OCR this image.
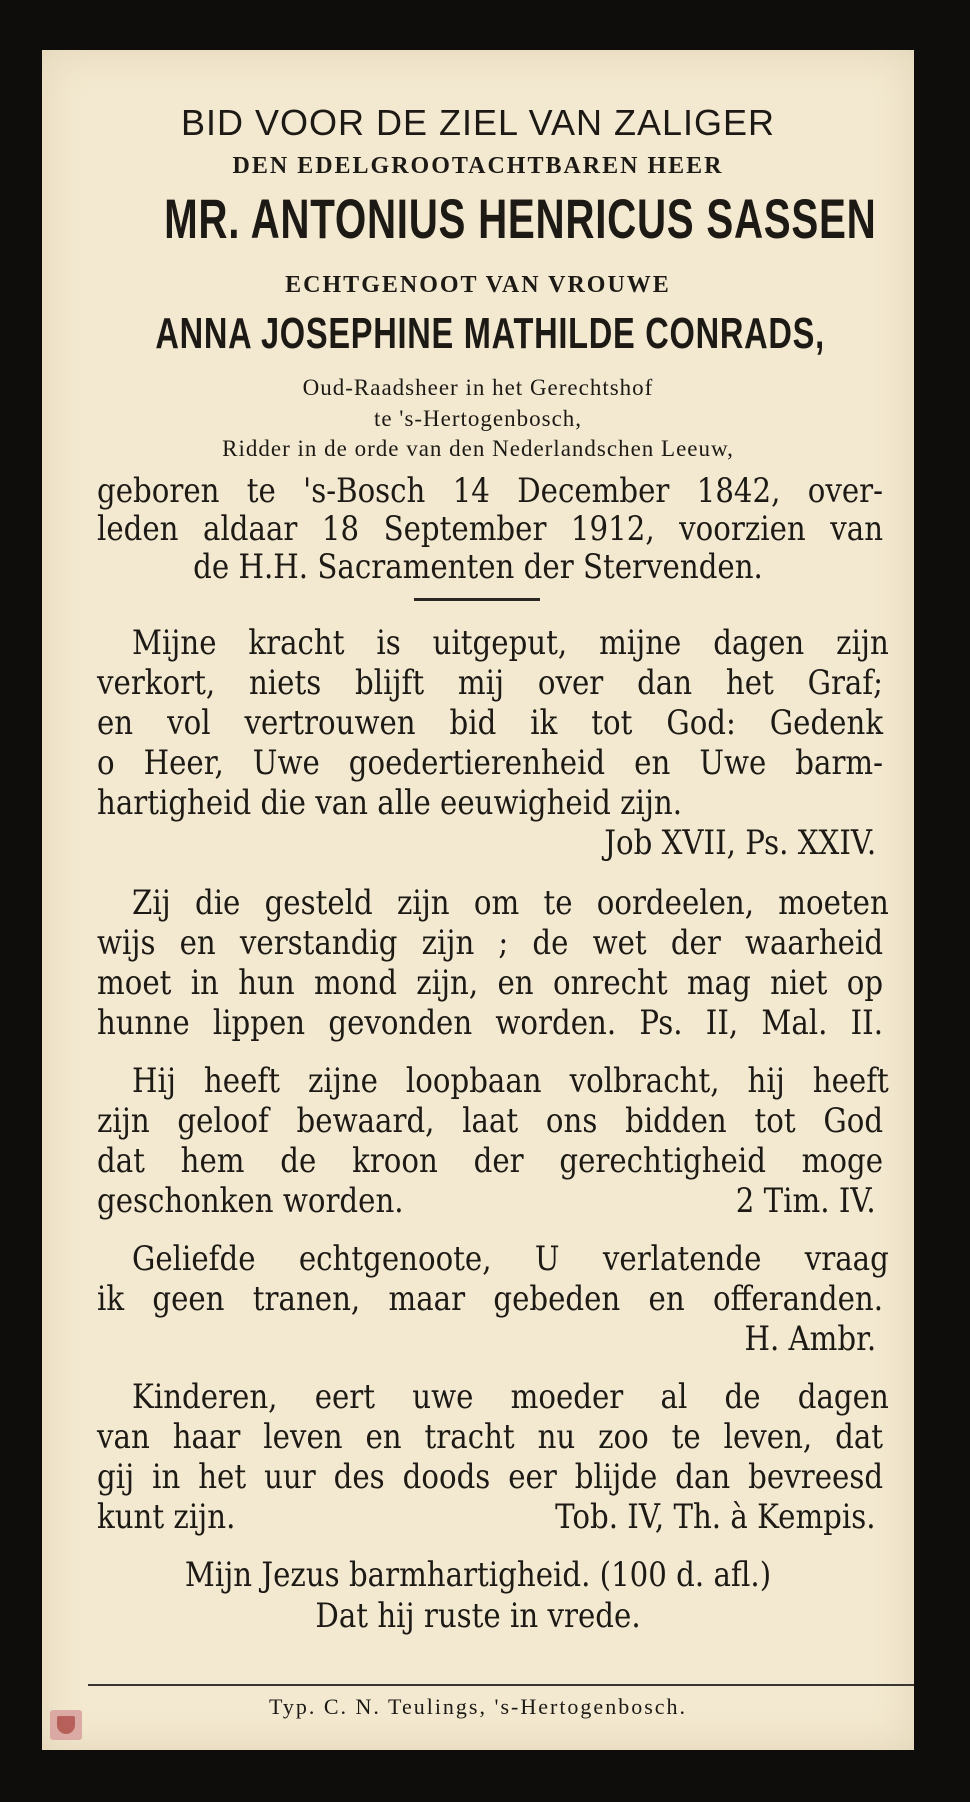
BID VOOR DE ZIEL VAN ZALIGER
DEN EDELGROOTACHTBAREN HEER
MR. ANTONIUS HENRICUS SASSEN
ECHTGENOOT VAN VROUWE
ANNA JOSEPHINE MATHILDE CONRADS,
Oud-Raadsheer in het Gerechtshof
te 's-Hertogenbosch,
Ridder in de orde van den Nederlandschen Leeuw,
geboren te 's-Bosch 14 December 1842, over-
leden aldaar 18 September 1912, voorzien van
de H.H. Sacramenten der Stervenden.
Mijne kracht is uitgeput, mijne dagen zijn
verkort, niets blijft mij over dan het Graf;
en vol vertrouwen bid ik tot God: Gedenk
o Heer, Uwe goedertierenheid en Uwe barm-
hartigheid die van alle eeuwigheid zijn.
Job XVII, Ps. XXIV.
Zij die gesteld zijn om te oordeelen, moeten
wijs en verstandig zijn ; de wet der waarheid
moet in hun mond zijn, en onrecht mag niet op
hunne lippen gevonden worden. Ps. II, Mal. II.
Hij heeft zijne loopbaan volbracht, hij heeft
zijn geloof bewaard, laat ons bidden tot God
dat hem de kroon der gerechtigheid moge
geschonken worden.	2 Tim. IV.
Geliefde echtgenoote, U verlatende vraag
ik geen tranen, maar gebeden en offeranden.
H. Ambr.
Kinderen, eert uwe moeder al de dagen
van haar leven en tracht nu zoo te leven, dat
gij in het uur des doods eer blijde dan bevreesd
kunt zijn.	Tob. IV, Th. à Kempis.
Mijn Jezus barmhartigheid. (100 d. afl.)
Dat hij ruste in vrede.
Typ. C. N. Teulings, 's-Hertogenbosch.
